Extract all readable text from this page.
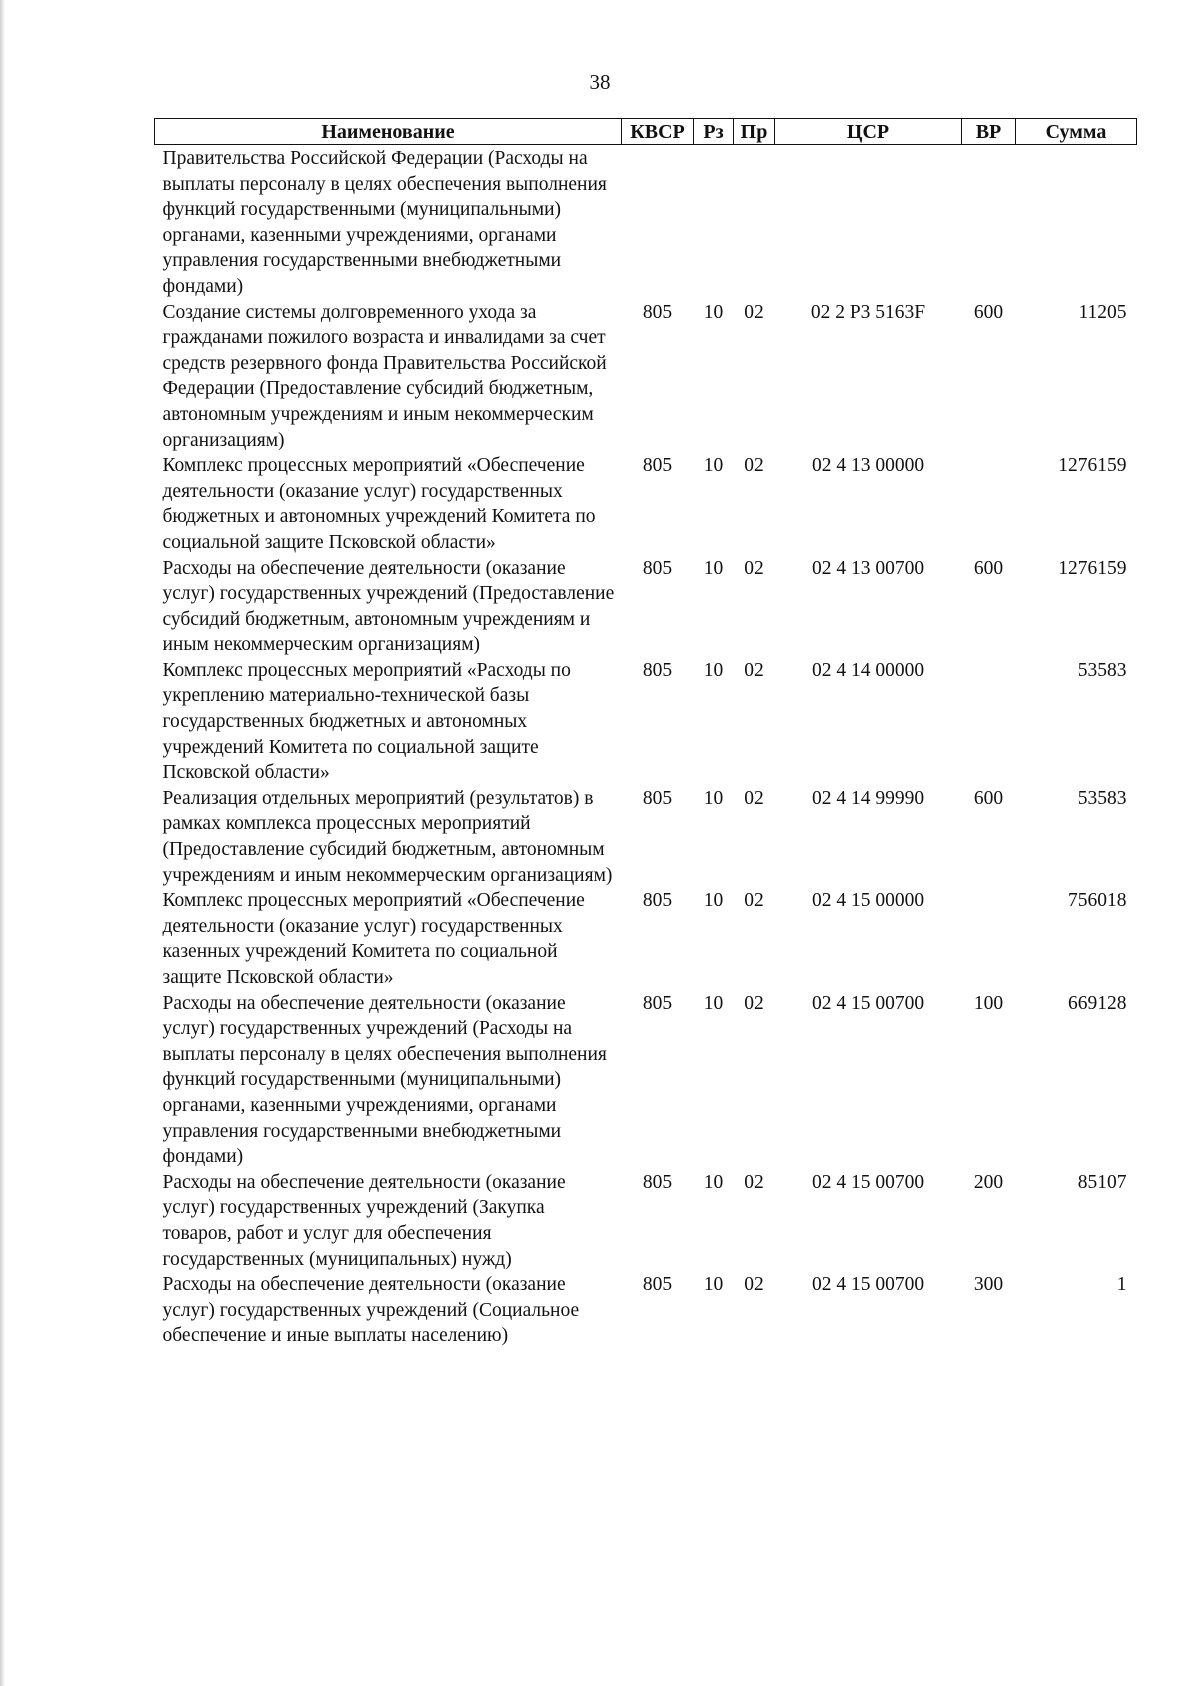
38
Наименование	КВСР	Рз	Пр	ЦСР	ВР	Сумма
Правительства Российской Федерации (Расходы на выплаты персоналу в целях обеспечения выполнения функций государственными (муниципальными) органами, казенными учреждениями, органами управления государственными внебюджетными фондами)						
Создание системы долговременного ухода за гражданами пожилого возраста и инвалидами за счет средств резервного фонда Правительства Российской Федерации (Предоставление субсидий бюджетным, автономным учреждениям и иным некоммерческим организациям)	805	10	02	02 2 Р3 5163F	600	11205
Комплекс процессных мероприятий «Обеспечение деятельности (оказание услуг) государственных бюджетных и автономных учреждений Комитета по социальной защите Псковской области»	805	10	02	02 4 13 00000		1276159
Расходы на обеспечение деятельности (оказание услуг) государственных учреждений (Предоставление субсидий бюджетным, автономным учреждениям и иным некоммерческим организациям)	805	10	02	02 4 13 00700	600	1276159
Комплекс процессных мероприятий «Расходы по укреплению материально-технической базы государственных бюджетных и автономных учреждений Комитета по социальной защите Псковской области»	805	10	02	02 4 14 00000		53583
Реализация отдельных мероприятий (результатов) в рамках комплекса процессных мероприятий (Предоставление субсидий бюджетным, автономным учреждениям и иным некоммерческим организациям)	805	10	02	02 4 14 99990	600	53583
Комплекс процессных мероприятий «Обеспечение деятельности (оказание услуг) государственных казенных учреждений Комитета по социальной защите Псковской области»	805	10	02	02 4 15 00000		756018
Расходы на обеспечение деятельности (оказание услуг) государственных учреждений (Расходы на выплаты персоналу в целях обеспечения выполнения функций государственными (муниципальными) органами, казенными учреждениями, органами управления государственными внебюджетными фондами)	805	10	02	02 4 15 00700	100	669128
Расходы на обеспечение деятельности (оказание услуг) государственных учреждений (Закупка товаров, работ и услуг для обеспечения государственных (муниципальных) нужд)	805	10	02	02 4 15 00700	200	85107
Расходы на обеспечение деятельности (оказание услуг) государственных учреждений (Социальное обеспечение и иные выплаты населению)	805	10	02	02 4 15 00700	300	1
